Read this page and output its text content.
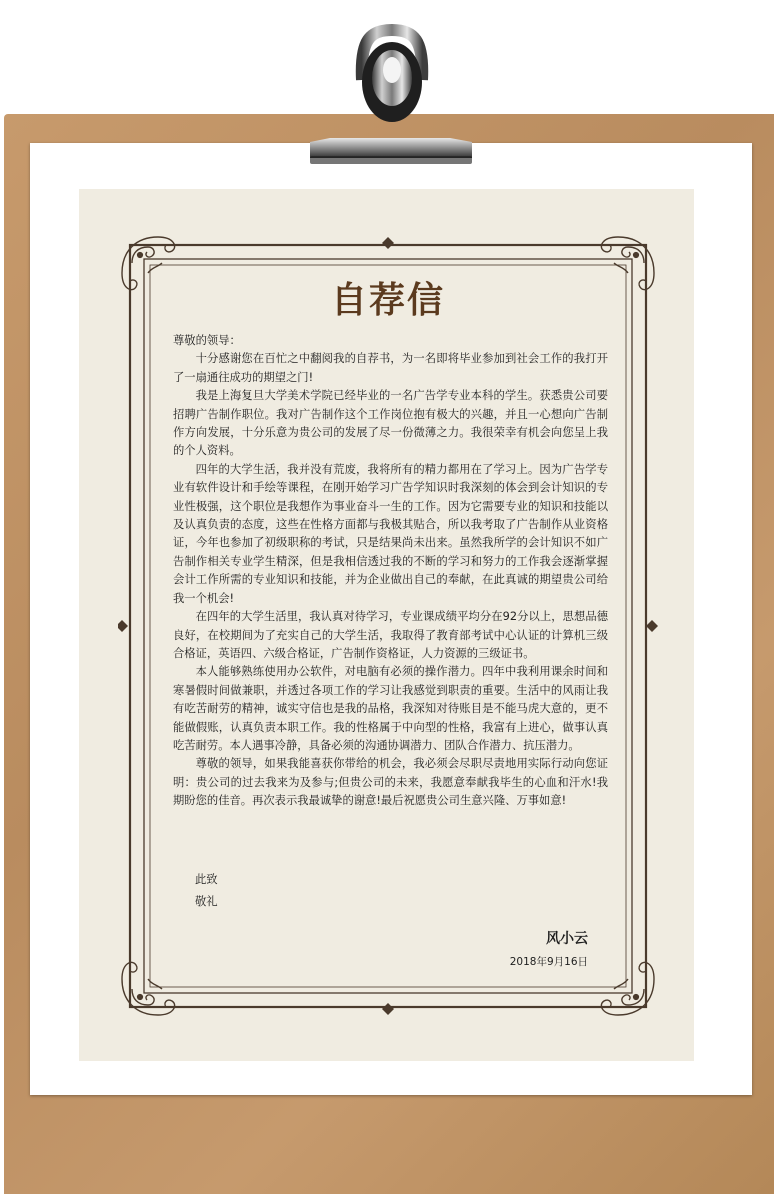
自荐信

尊敬的领导：

十分感谢您在百忙之中翻阅我的自荐书，为一名即将毕业参加到社会工作的我打开了一扇通往成功的期望之门!

我是上海复旦大学美术学院已经毕业的一名广告学专业本科的学生。获悉贵公司要招聘广告制作职位。我对广告制作这个工作岗位抱有极大的兴趣，并且一心想向广告制作方向发展，十分乐意为贵公司的发展了尽一份微薄之力。我很荣幸有机会向您呈上我的个人资料。

四年的大学生活，我并没有荒废，我将所有的精力都用在了学习上。因为广告学专业有软件设计和手绘等课程，在刚开始学习广告学知识时我深刻的体会到会计知识的专业性极强，这个职位是我想作为事业奋斗一生的工作。因为它需要专业的知识和技能以及认真负责的态度，这些在性格方面都与我极其贴合，所以我考取了广告制作从业资格证，今年也参加了初级职称的考试，只是结果尚未出来。虽然我所学的会计知识不如广告制作相关专业学生精深，但是我相信透过我的不断的学习和努力的工作我会逐渐掌握会计工作所需的专业知识和技能，并为企业做出自己的奉献，在此真诚的期望贵公司给我一个机会!

在四年的大学生活里，我认真对待学习，专业课成绩平均分在92分以上，思想品德良好，在校期间为了充实自己的大学生活，我取得了教育部考试中心认证的计算机三级合格证，英语四、六级合格证，广告制作资格证，人力资源的三级证书。

本人能够熟练使用办公软件，对电脑有必须的操作潜力。四年中我利用课余时间和寒暑假时间做兼职，并透过各项工作的学习让我感觉到职责的重要。生活中的风雨让我有吃苦耐劳的精神，诚实守信也是我的品格，我深知对待账目是不能马虎大意的，更不能做假账，认真负责本职工作。我的性格属于中向型的性格，我富有上进心，做事认真吃苦耐劳。本人遇事冷静，具备必须的沟通协调潜力、团队合作潜力、抗压潜力。

尊敬的领导，如果我能喜获你带给的机会，我必须会尽职尽责地用实际行动向您证明：贵公司的过去我来为及参与;但贵公司的未来，我愿意奉献我毕生的心血和汗水!我期盼您的佳音。再次表示我最诚挚的谢意!最后祝愿贵公司生意兴隆、万事如意!

此致
敬礼
风小云
2018年9月16日
